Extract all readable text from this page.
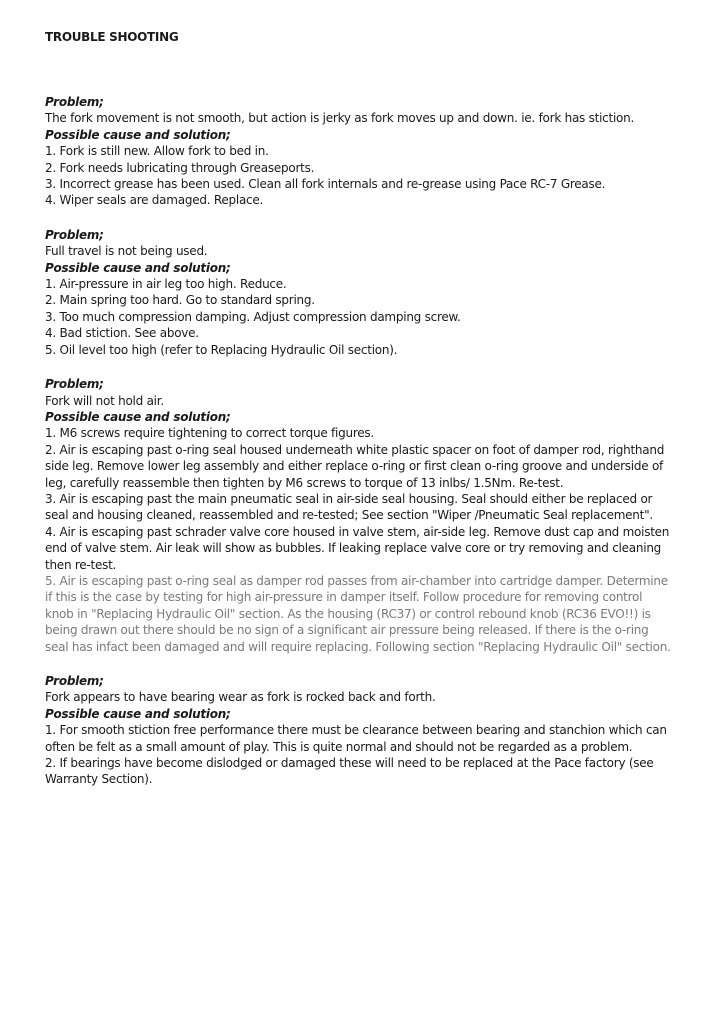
TROUBLE SHOOTING

Problem;

The fork movement is not smooth, but action is jerky as fork moves up and down. ie. fork has stiction.

Possible cause and solution;

1. Fork is still new. Allow fork to bed in.

2. Fork needs lubricating through Greaseports.

3. Incorrect grease has been used. Clean all fork internals and re-grease using Pace RC-7 Grease.

4. Wiper seals are damaged. Replace.

Problem;

Full travel is not being used.

Possible cause and solution;

1. Air-pressure in air leg too high. Reduce.

2. Main spring too hard. Go to standard spring.

3. Too much compression damping. Adjust compression damping screw.

4. Bad stiction. See above.

5. Oil level too high (refer to Replacing Hydraulic Oil section).

Problem;

Fork will not hold air.

Possible cause and solution;

1. M6 screws require tightening to correct torque figures.

2. Air is escaping past o-ring seal housed underneath white plastic spacer on foot of damper rod, righthand side leg. Remove lower leg assembly and either replace o-ring or first clean o-ring groove and underside of leg, carefully reassemble then tighten by M6 screws to torque of 13 inlbs/ 1.5Nm. Re-test.

3. Air is escaping past the main pneumatic seal in air-side seal housing. Seal should either be replaced or seal and housing cleaned, reassembled and re-tested; See section "Wiper /Pneumatic Seal replacement".

4. Air is escaping past schrader valve core housed in valve stem, air-side leg. Remove dust cap and moisten end of valve stem. Air leak will show as bubbles. If leaking replace valve core or try removing and cleaning then re-test.

5. Air is escaping past o-ring seal as damper rod passes from air-chamber into cartridge damper. Determine if this is the case by testing for high air-pressure in damper itself. Follow procedure for removing control knob in "Replacing Hydraulic Oil" section. As the housing (RC37) or control rebound knob (RC36 EVO!!) is being drawn out there should be no sign of a significant air pressure being released. If there is the o-ring seal has infact been damaged and will require replacing. Following section "Replacing Hydraulic Oil" section.

Problem;

Fork appears to have bearing wear as fork is rocked back and forth.

Possible cause and solution;

1. For smooth stiction free performance there must be clearance between bearing and stanchion which can often be felt as a small amount of play. This is quite normal and should not be regarded as a problem.

2. If bearings have become dislodged or damaged these will need to be replaced at the Pace factory (see Warranty Section).
